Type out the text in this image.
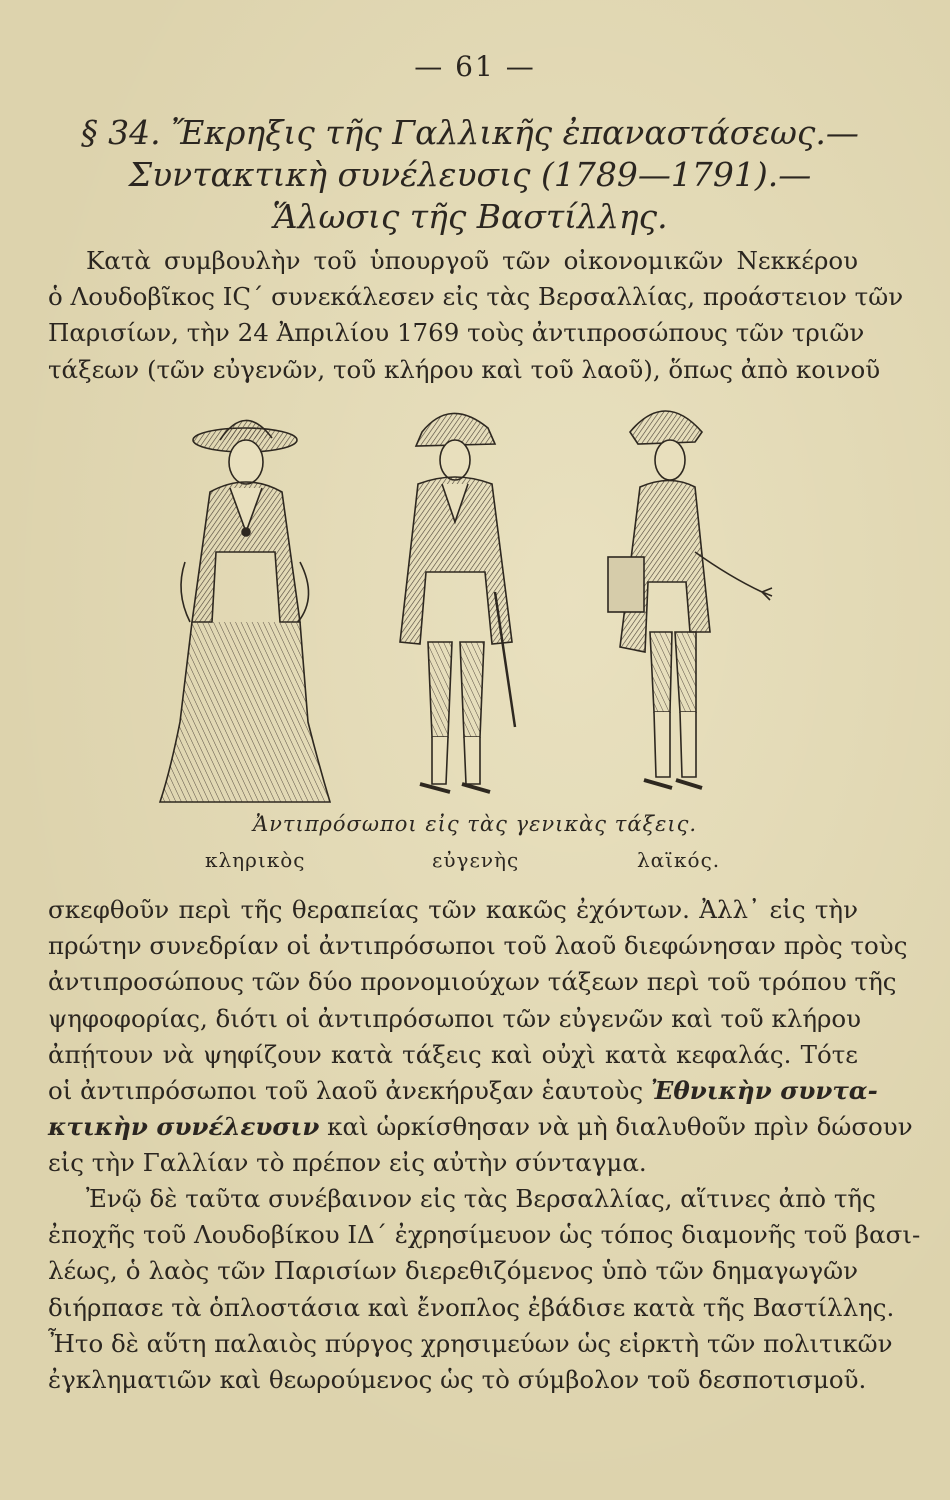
— 61 —
§ 34. Ἔκρηξις τῆς Γαλλικῆς ἐπαναστάσεως.—
Συντακτικὴ συνέλευσις (1789—1791).—
Ἅλωσις τῆς Βαστίλλης.
Κατὰ συμβουλὴν τοῦ ὑπουργοῦ τῶν οἰκονομικῶν Νεκκέρου
ὁ Λουδοβῖκος ΙϚ΄ συνεκάλεσεν εἰς τὰς Βερσαλλίας, προάστειον τῶν
Παρισίων, τὴν 24 Ἀπριλίου 1769 τοὺς ἀντιπροσώπους τῶν τριῶν
τάξεων (τῶν εὐγενῶν, τοῦ κλήρου καὶ τοῦ λαοῦ), ὅπως ἀπὸ κοινοῦ
Ἀντιπρόσωποι εἰς τὰς γενικὰς τάξεις.
κληρικὸς	εὐγενὴς	λαϊκός.
σκεφθοῦν περὶ τῆς θεραπείας τῶν κακῶς ἐχόντων. Ἀλλ᾽ εἰς τὴν
πρώτην συνεδρίαν οἱ ἀντιπρόσωποι τοῦ λαοῦ διεφώνησαν πρὸς τοὺς
ἀντιπροσώπους τῶν δύο προνομιούχων τάξεων περὶ τοῦ τρόπου τῆς
ψηφοφορίας, διότι οἱ ἀντιπρόσωποι τῶν εὐγενῶν καὶ τοῦ κλήρου
ἀπῄτουν νὰ ψηφίζουν κατὰ τάξεις καὶ οὐχὶ κατὰ κεφαλάς. Τότε
οἱ ἀντιπρόσωποι τοῦ λαοῦ ἀνεκήρυξαν ἑαυτοὺς Ἐθνικὴν συντα-
κτικὴν συνέλευσιν καὶ ὡρκίσθησαν νὰ μὴ διαλυθοῦν πρὶν δώσουν
εἰς τὴν Γαλλίαν τὸ πρέπον εἰς αὐτὴν σύνταγμα.
Ἐνῷ δὲ ταῦτα συνέβαινον εἰς τὰς Βερσαλλίας, αἵτινες ἀπὸ τῆς
ἐποχῆς τοῦ Λουδοβίκου ΙΔ΄ ἐχρησίμευον ὡς τόπος διαμονῆς τοῦ βασι-
λέως, ὁ λαὸς τῶν Παρισίων διερεθιζόμενος ὑπὸ τῶν δημαγωγῶν
διήρπασε τὰ ὁπλοστάσια καὶ ἔνοπλος ἐβάδισε κατὰ τῆς Βαστίλλης.
Ἦτο δὲ αὕτη παλαιὸς πύργος χρησιμεύων ὡς εἱρκτὴ τῶν πολιτικῶν
ἐγκληματιῶν καὶ θεωρούμενος ὡς τὸ σύμβολον τοῦ δεσποτισμοῦ.
